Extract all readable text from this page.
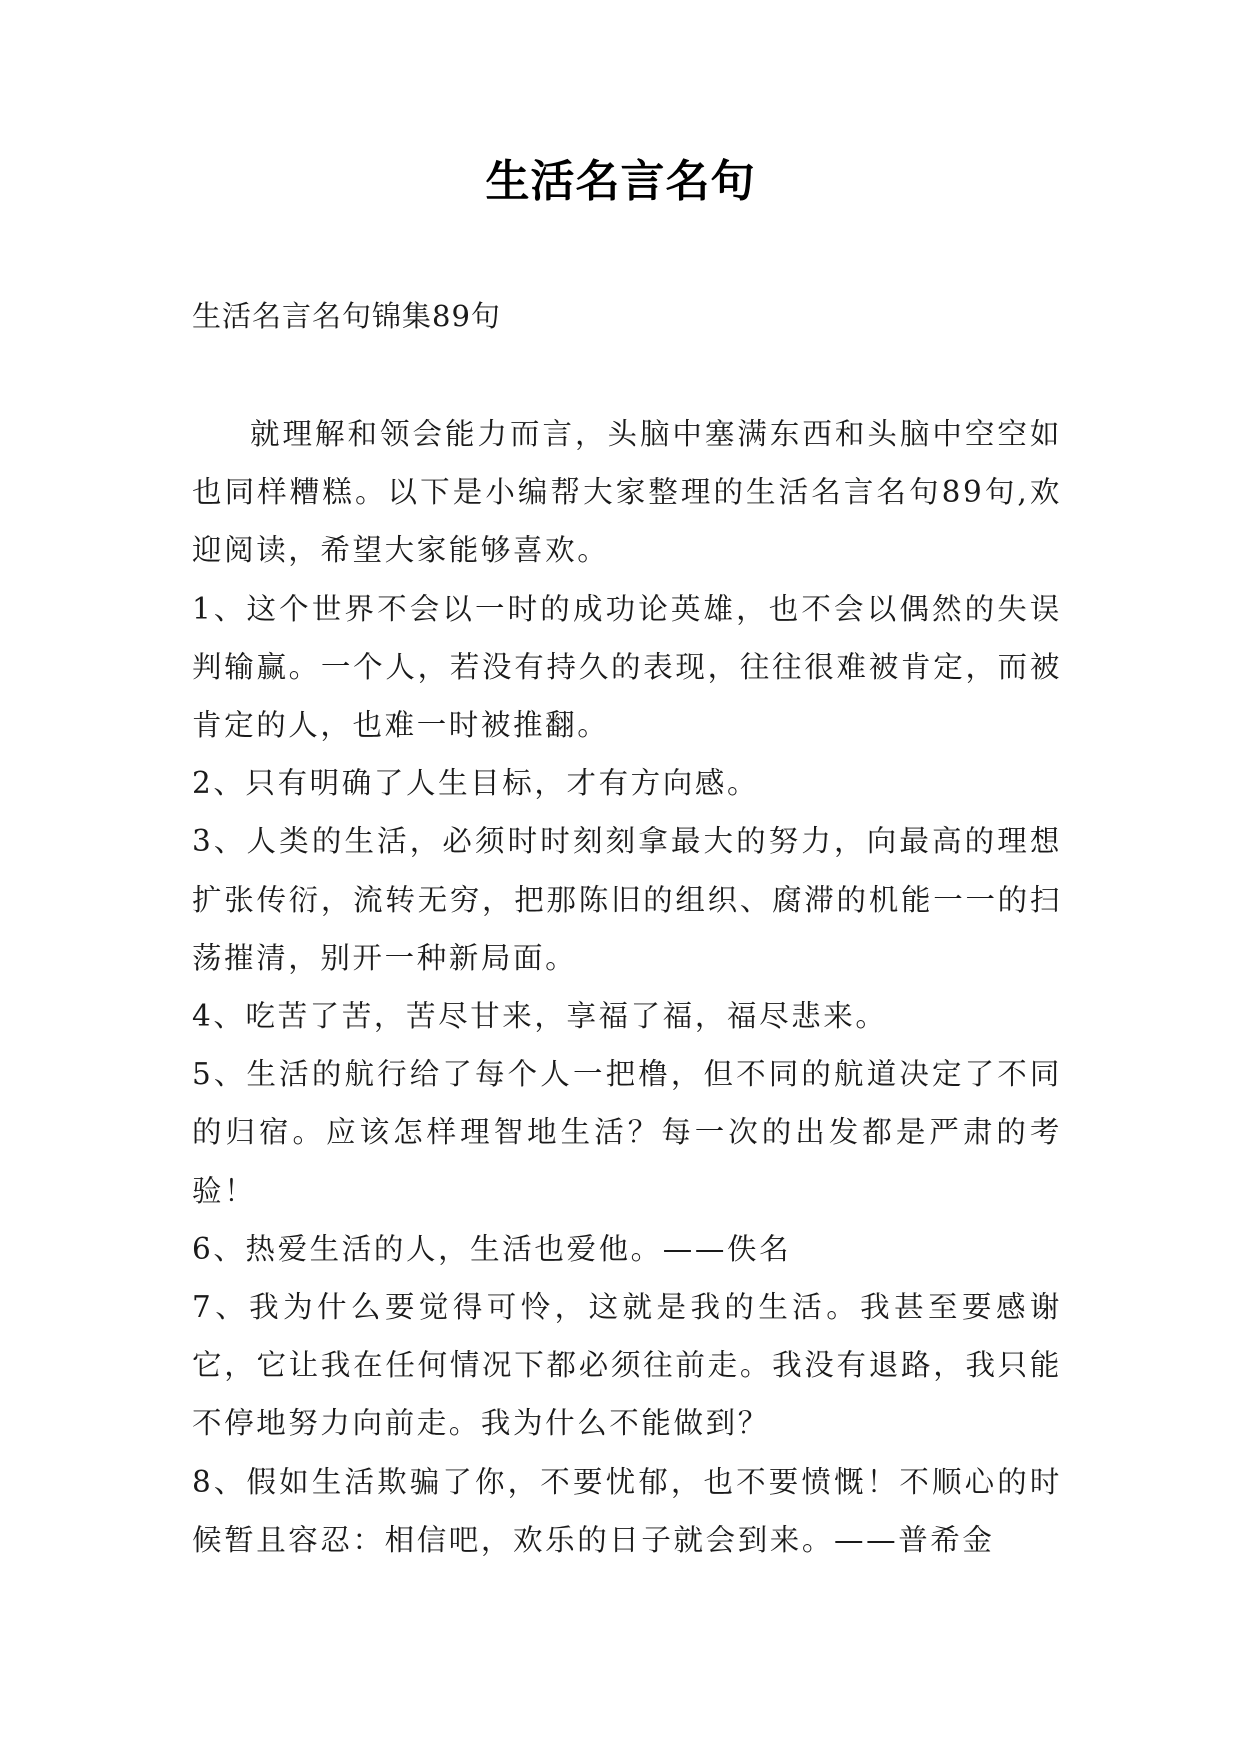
生活名言名句
生活名言名句锦集89句

就理解和领会能力而言，头脑中塞满东西和头脑中空空如也同样糟糕。以下是小编帮大家整理的生活名言名句89句,欢迎阅读，希望大家能够喜欢。

1、这个世界不会以一时的成功论英雄，也不会以偶然的失误判输赢。一个人，若没有持久的表现，往往很难被肯定，而被肯定的人，也难一时被推翻。

2、只有明确了人生目标，才有方向感。

3、人类的生活，必须时时刻刻拿最大的努力，向最高的理想扩张传衍，流转无穷，把那陈旧的组织、腐滞的机能一一的扫荡摧清，别开一种新局面。

4、吃苦了苦，苦尽甘来，享福了福，福尽悲来。

5、生活的航行给了每个人一把橹，但不同的航道决定了不同的归宿。应该怎样理智地生活？每一次的出发都是严肃的考验！

6、热爱生活的人，生活也爱他。——佚名

7、我为什么要觉得可怜，这就是我的生活。我甚至要感谢它，它让我在任何情况下都必须往前走。我没有退路，我只能不停地努力向前走。我为什么不能做到？

8、假如生活欺骗了你，不要忧郁，也不要愤慨！不顺心的时候暂且容忍：相信吧，欢乐的日子就会到来。——普希金
